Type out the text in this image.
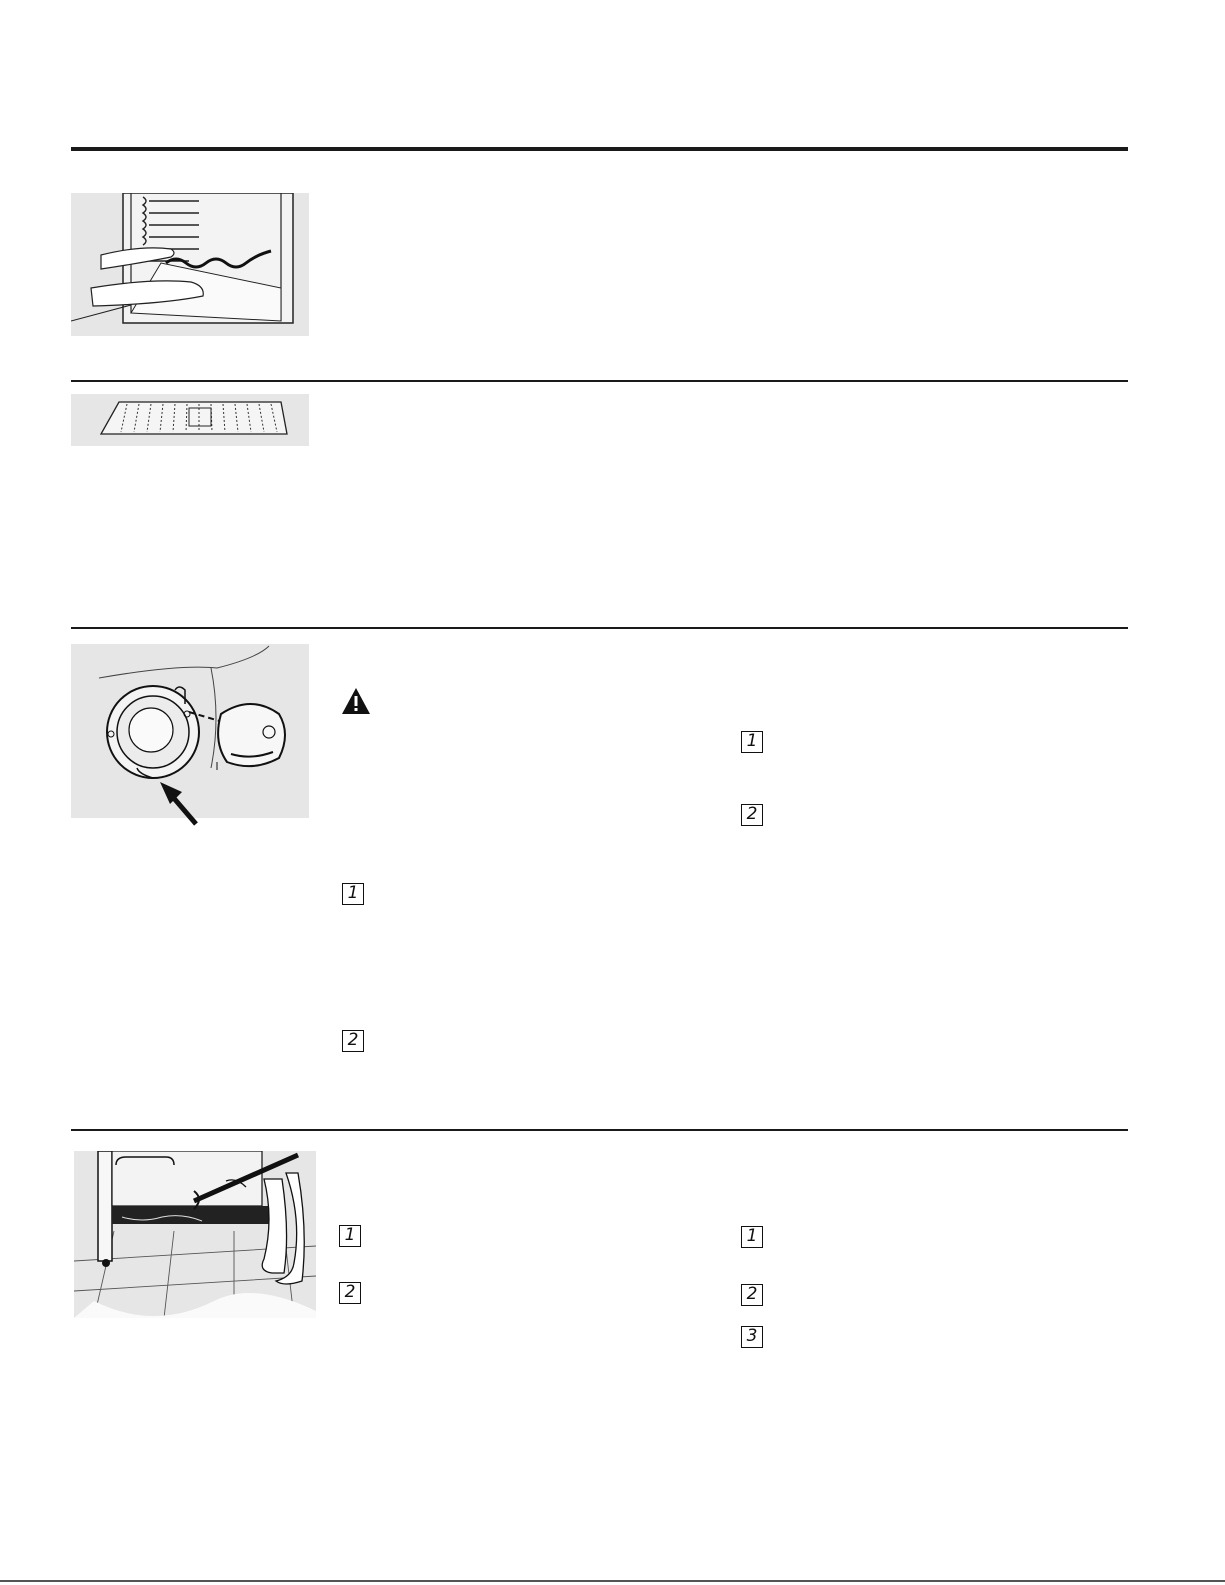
1
2
1
2
1
2
1
2
3
